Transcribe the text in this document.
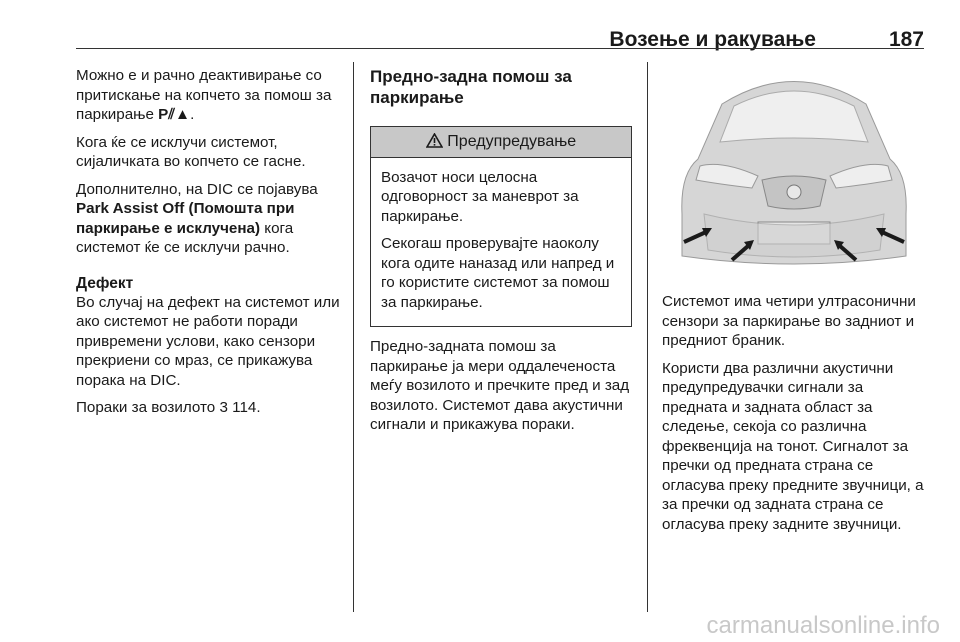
Возење и ракување	187

Можно е и рачно деактивирање со притискање на копчето за помош за паркирање P⫽▲.

Кога ќе се исклучи системот, сијаличката во копчето се гасне.

Дополнително, на DIC се појавува Park Assist Off (Помошта при паркирање е исклучена) кога системот ќе се исклучи рачно.

Дефект

Во случај на дефект на системот или ако системот не работи поради привремени услови, како сензори прекриени со мраз, се прикажува порака на DIC.

Пораки за возилото 3 114.

Предно-задна помош за паркирање
Предупредување

Возачот носи целосна одговорност за маневрот за паркирање.

Секогаш проверувајте наоколу кога одите наназад или напред и го користите системот за помош за паркирање.

Предно-задната помош за паркирање ја мери оддалеченоста меѓу возилото и пречките пред и зад возилото. Системот дава акустични сигнали и прикажува пораки.

Системот има четири ултрасонични сензори за паркирање во задниот и предниот браник.

Користи два различни акустични предупредувачки сигнали за предната и задната област за следење, секоја со различна фреквенција на тонот. Сигналот за пречки од предната страна се огласува преку предните звучници, а за пречки од задната страна се огласува преку задните звучници.

carmanualsonline.info
